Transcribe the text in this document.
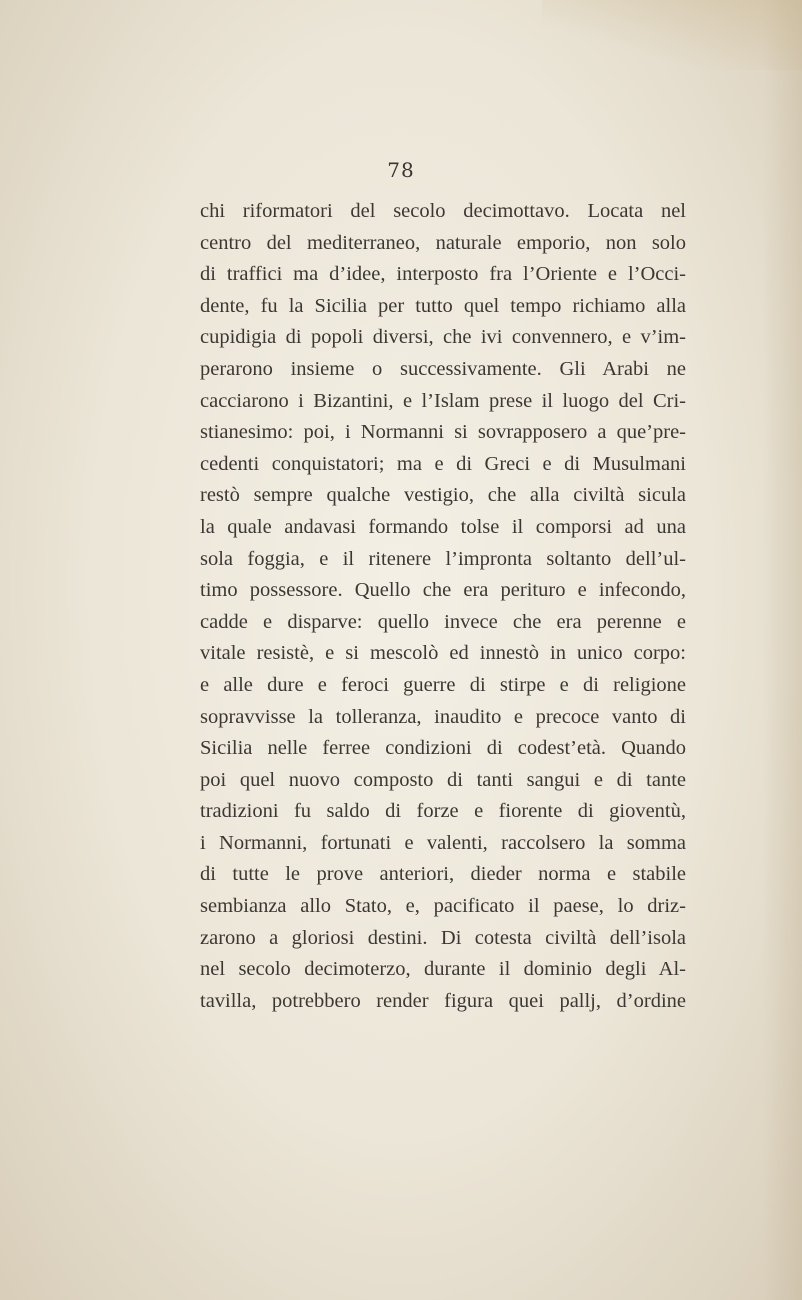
78
chi riformatori del secolo decimottavo. Locata nel
centro del mediterraneo, naturale emporio, non solo
di traffici ma d’idee, interposto fra l’Oriente e l’Occi-
dente, fu la Sicilia per tutto quel tempo richiamo alla
cupidigia di popoli diversi, che ivi convennero, e v’im-
perarono insieme o successivamente. Gli Arabi ne
cacciarono i Bizantini, e l’Islam prese il luogo del Cri-
stianesimo: poi, i Normanni si sovrapposero a que’pre-
cedenti conquistatori; ma e di Greci e di Musulmani
restò sempre qualche vestigio, che alla civiltà sicula
la quale andavasi formando tolse il comporsi ad una
sola foggia, e il ritenere l’impronta soltanto dell’ul-
timo possessore. Quello che era perituro e infecondo,
cadde e disparve: quello invece che era perenne e
vitale resistè, e si mescolò ed innestò in unico corpo:
e alle dure e feroci guerre di stirpe e di religione
sopravvisse la tolleranza, inaudito e precoce vanto di
Sicilia nelle ferree condizioni di codest’età. Quando
poi quel nuovo composto di tanti sangui e di tante
tradizioni fu saldo di forze e fiorente di gioventù,
i Normanni, fortunati e valenti, raccolsero la somma
di tutte le prove anteriori, dieder norma e stabile
sembianza allo Stato, e, pacificato il paese, lo driz-
zarono a gloriosi destini. Di cotesta civiltà dell’isola
nel secolo decimoterzo, durante il dominio degli Al-
tavilla, potrebbero render figura quei pallj, d’ordine
